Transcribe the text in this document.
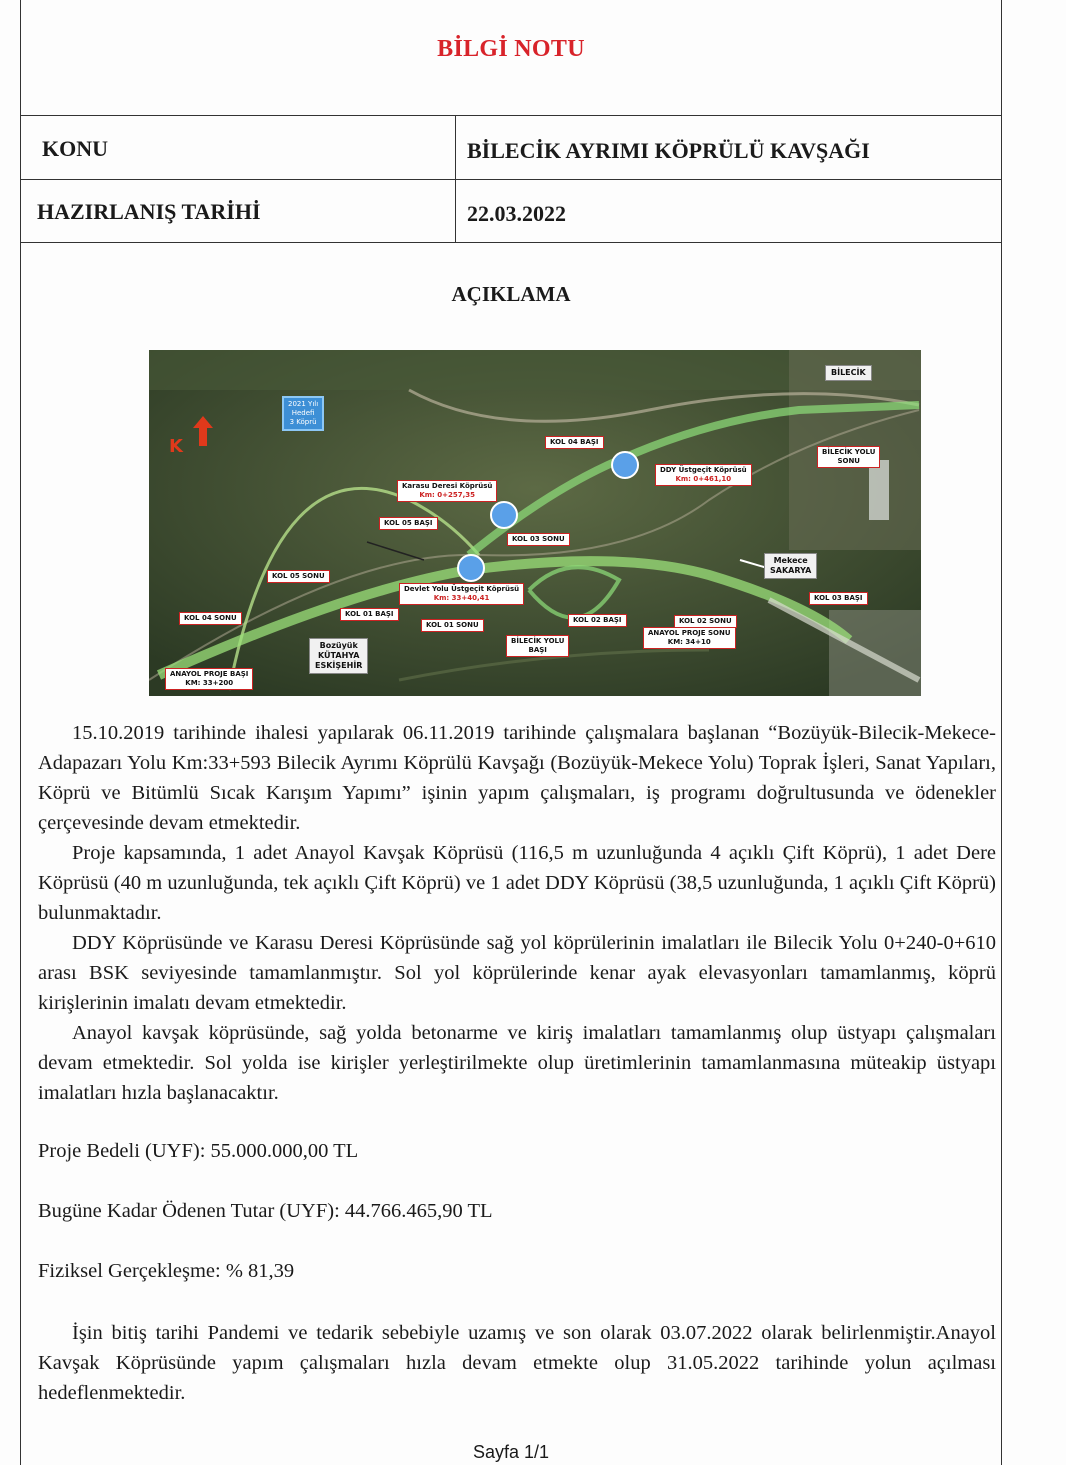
BİLGİ NOTU
KONU	BİLECİK AYRIMI KÖPRÜLÜ KAVŞAĞI
HAZIRLANIŞ TARİHİ	22.03.2022
AÇIKLAMA
K
2021 Yılı
Hedefi
3 Köprü
BİLECİK
Mekece
SAKARYA
Bozüyük
KÜTAHYA
ESKİŞEHİR
KOL 04 BAŞI
BİLECİK YOLU
SONU
DDY Üstgeçit Köprüsü
Km: 0+461,10
Karasu Deresi Köprüsü
Km: 0+257,35
KOL 05 BAŞI
KOL 03 SONU
KOL 05 SONU
Devlet Yolu Üstgeçit Köprüsü
Km: 33+40,41
KOL 04 SONU	KOL 01 BAŞI
KOL 01 SONU
KOL 02 BAŞI	KOL 02 SONU
KOL 03 BAŞI
BİLECİK YOLU
BAŞI
ANAYOL PROJE SONU
KM: 34+10
ANAYOL PROJE BAŞI
KM: 33+200

15.10.2019 tarihinde ihalesi yapılarak 06.11.2019 tarihinde çalışmalara başlanan “Bozüyük-Bilecik-Mekece-Adapazarı Yolu Km:33+593 Bilecik Ayrımı Köprülü Kavşağı (Bozüyük-Mekece Yolu) Toprak İşleri, Sanat Yapıları, Köprü ve Bitümlü Sıcak Karışım Yapımı” işinin yapım çalışmaları, iş programı doğrultusunda ve ödenekler çerçevesinde devam etmektedir.

Proje kapsamında, 1 adet Anayol Kavşak Köprüsü (116,5 m uzunluğunda 4 açıklı Çift Köprü), 1 adet Dere Köprüsü (40 m uzunluğunda, tek açıklı Çift Köprü) ve 1 adet DDY Köprüsü (38,5 uzunluğunda, 1 açıklı Çift Köprü) bulunmaktadır.

DDY Köprüsünde ve Karasu Deresi Köprüsünde sağ yol köprülerinin imalatları ile Bilecik Yolu 0+240-0+610 arası BSK seviyesinde tamamlanmıştır. Sol yol köprülerinde kenar ayak elevasyonları tamamlanmış, köprü kirişlerinin imalatı devam etmektedir.

Anayol kavşak köprüsünde, sağ yolda betonarme ve kiriş imalatları tamamlanmış olup üstyapı çalışmaları devam etmektedir. Sol yolda ise kirişler yerleştirilmekte olup üretimlerinin tamamlanmasına müteakip üstyapı imalatları hızla başlanacaktır.

Proje Bedeli (UYF): 55.000.000,00 TL
Bugüne Kadar Ödenen Tutar (UYF): 44.766.465,90 TL
Fiziksel Gerçekleşme: % 81,39

İşin bitiş tarihi Pandemi ve tedarik sebebiyle uzamış ve son olarak 03.07.2022 olarak belirlenmiştir.Anayol Kavşak Köprüsünde yapım çalışmaları hızla devam etmekte olup 31.05.2022 tarihinde yolun açılması hedeflenmektedir.

Sayfa 1/1
